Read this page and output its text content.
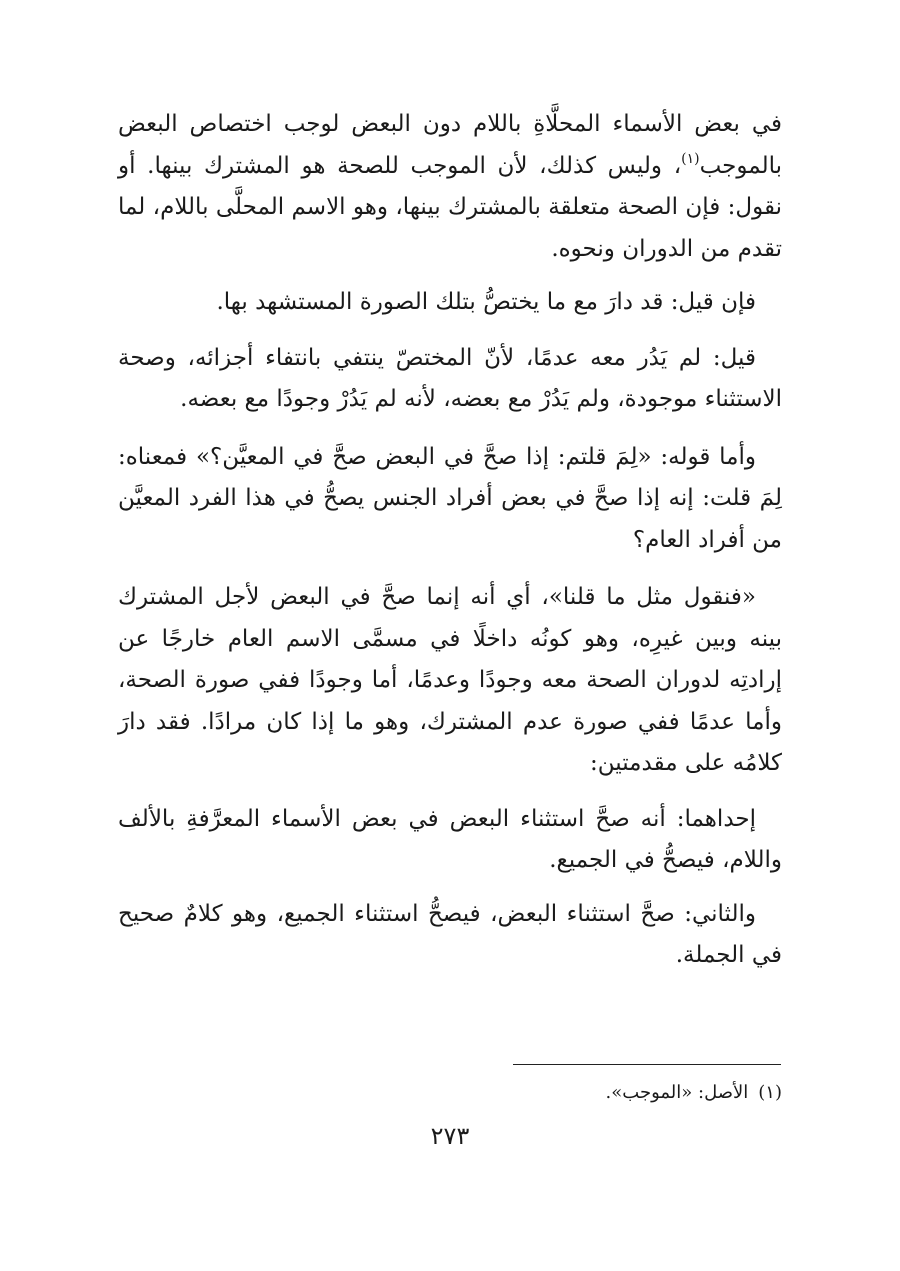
في بعض الأسماء المحلَّاةِ باللام دون البعض لوجب اختصاص البعض بالموجب$^{(١)}$، وليس كذلك، لأن الموجب للصحة هو المشترك بينها. أو نقول: فإن الصحة متعلقة بالمشترك بينها، وهو الاسم المحلَّى باللام، لما تقدم من الدوران ونحوه.

فإن قيل: قد دارَ مع ما يختصُّ بتلك الصورة المستشهد بها.

قيل: لم يَدُر معه عدمًا، لأنّ المختصّ ينتفي بانتفاء أجزائه، وصحة الاستثناء موجودة، ولم يَدُرْ مع بعضه، لأنه لم يَدُرْ وجودًا مع بعضه.

وأما قوله: «لِمَ قلتم: إذا صحَّ في البعض صحَّ في المعيَّن؟» فمعناه: لِمَ قلت: إنه إذا صحَّ في بعض أفراد الجنس يصحُّ في هذا الفرد المعيَّن من أفراد العام؟

«فنقول مثل ما قلنا»، أي أنه إنما صحَّ في البعض لأجل المشترك بينه وبين غيرِه، وهو كونُه داخلًا في مسمَّى الاسم العام خارجًا عن إرادتِه لدوران الصحة معه وجودًا وعدمًا، أما وجودًا ففي صورة الصحة، وأما عدمًا ففي صورة عدم المشترك، وهو ما إذا كان مرادًا. فقد دارَ كلامُه على مقدمتين:

إحداهما: أنه صحَّ استثناء البعض في بعض الأسماء المعرَّفةِ بالألف واللام، فيصحُّ في الجميع.

والثاني: صحَّ استثناء البعض، فيصحُّ استثناء الجميع، وهو كلامٌ صحيح في الجملة.

(١)الأصل: «الموجب».
٢٧٣
